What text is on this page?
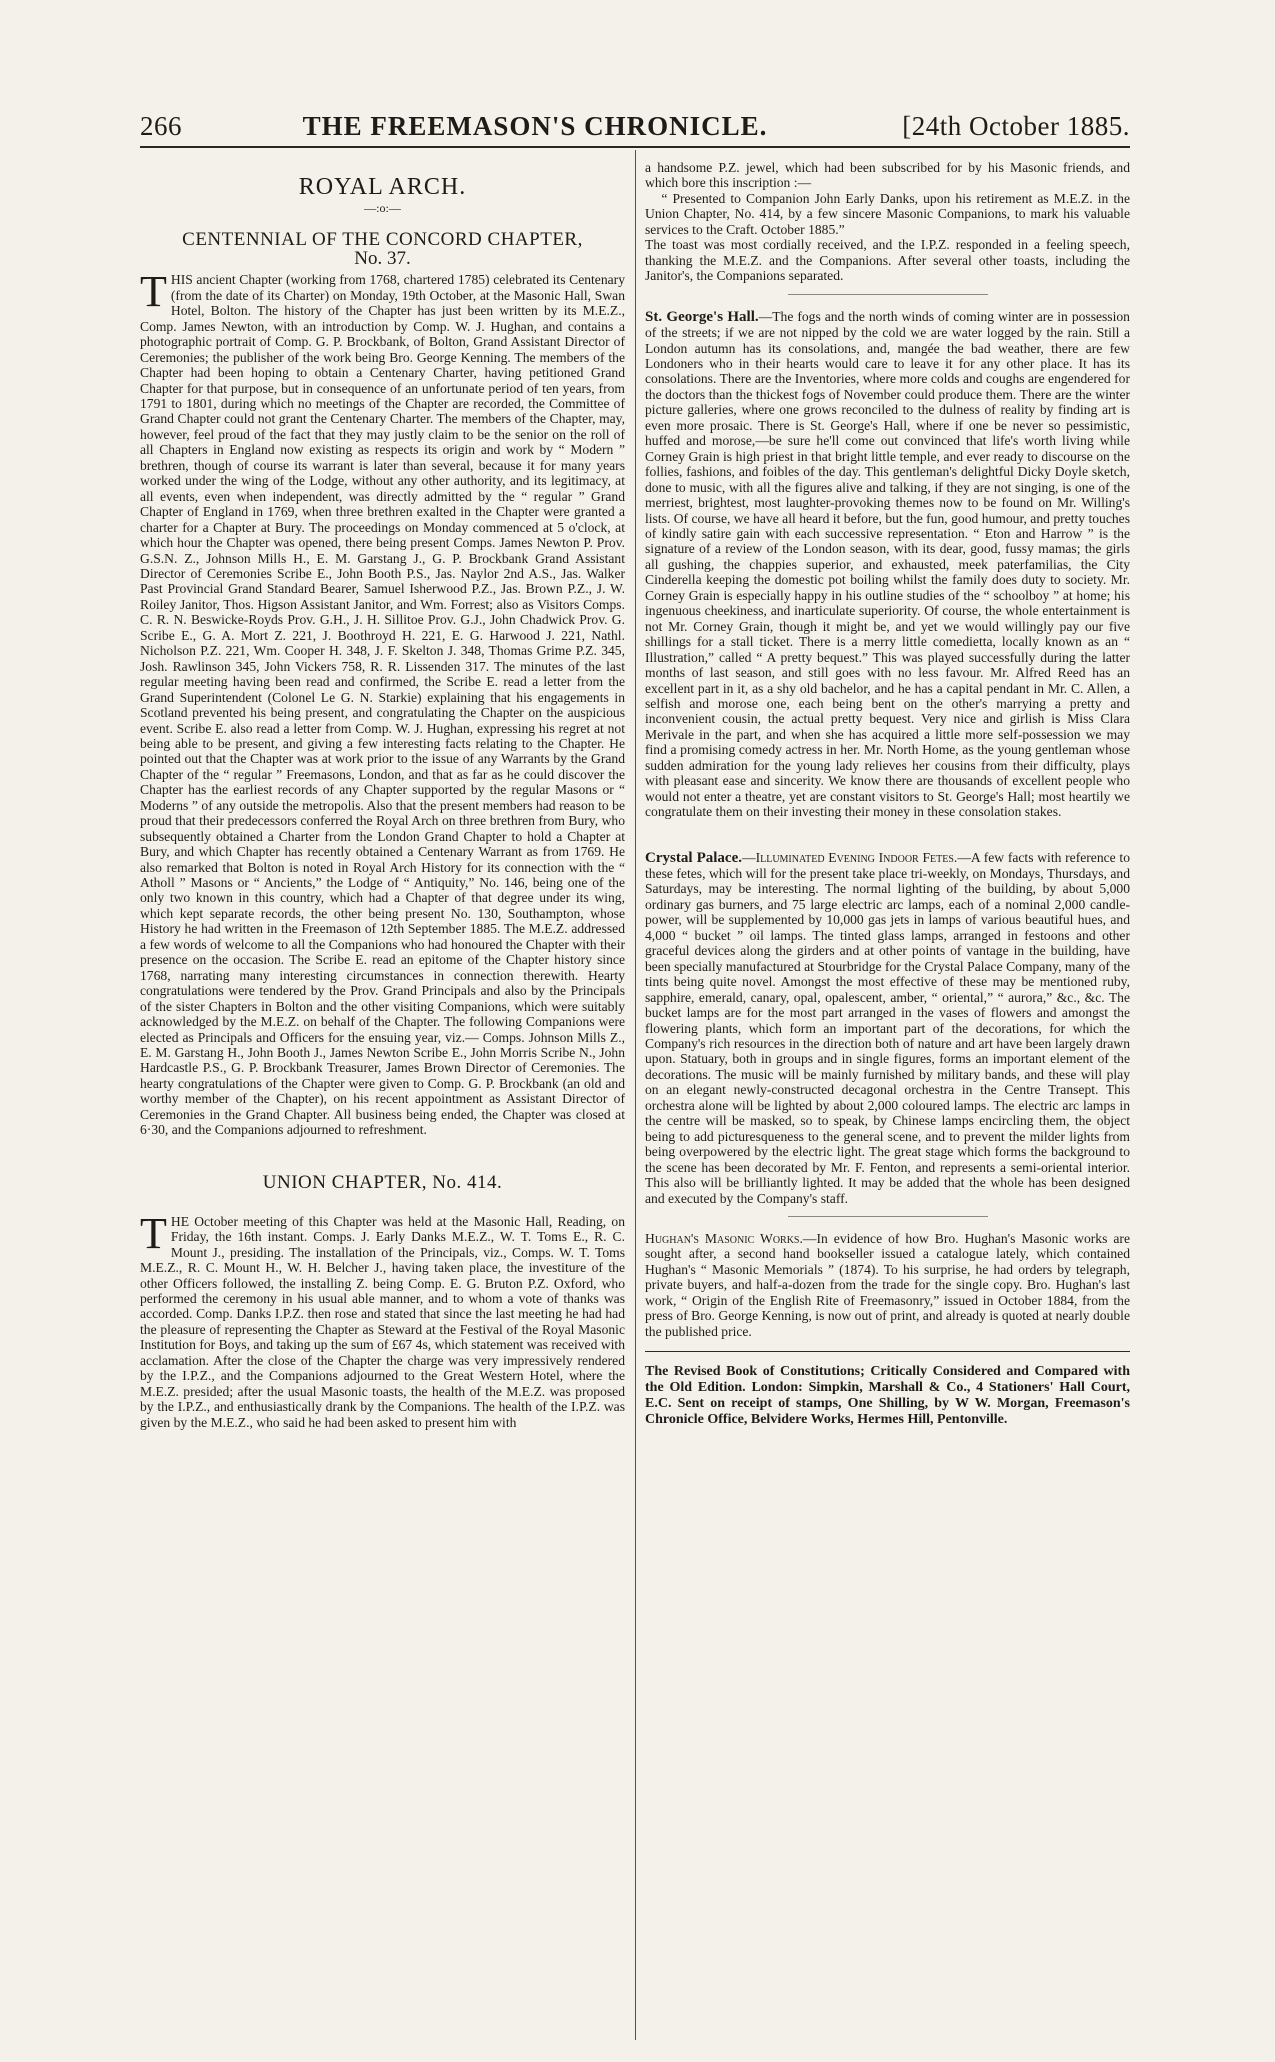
266	THE FREEMASON'S CHRONICLE.	[24th October 1885.
ROYAL ARCH.
—:o:—
CENTENNIAL OF THE CONCORD CHAPTER,
No. 37.

THIS ancient Chapter (working from 1768, chartered 1785) celebrated its Centenary (from the date of its Charter) on Monday, 19th October, at the Masonic Hall, Swan Hotel, Bolton. The history of the Chapter has just been written by its M.E.Z., Comp. James Newton, with an introduction by Comp. W. J. Hughan, and contains a photographic portrait of Comp. G. P. Brockbank, of Bolton, Grand Assistant Director of Ceremonies; the publisher of the work being Bro. George Kenning. The members of the Chapter had been hoping to obtain a Centenary Charter, having petitioned Grand Chapter for that purpose, but in consequence of an unfortunate period of ten years, from 1791 to 1801, during which no meetings of the Chapter are recorded, the Committee of Grand Chapter could not grant the Centenary Charter. The members of the Chapter, may, however, feel proud of the fact that they may justly claim to be the senior on the roll of all Chapters in England now existing as respects its origin and work by “ Modern ” brethren, though of course its warrant is later than several, because it for many years worked under the wing of the Lodge, without any other authority, and its legitimacy, at all events, even when independent, was directly admitted by the “ regular ” Grand Chapter of England in 1769, when three brethren exalted in the Chapter were granted a charter for a Chapter at Bury. The proceedings on Monday commenced at 5 o'clock, at which hour the Chapter was opened, there being present Comps. James Newton P. Prov. G.S.N. Z., Johnson Mills H., E. M. Garstang J., G. P. Brockbank Grand Assistant Director of Ceremonies Scribe E., John Booth P.S., Jas. Naylor 2nd A.S., Jas. Walker Past Provincial Grand Standard Bearer, Samuel Isherwood P.Z., Jas. Brown P.Z., J. W. Roiley Janitor, Thos. Higson Assistant Janitor, and Wm. Forrest; also as Visitors Comps. C. R. N. Beswicke-Royds Prov. G.H., J. H. Sillitoe Prov. G.J., John Chadwick Prov. G. Scribe E., G. A. Mort Z. 221, J. Boothroyd H. 221, E. G. Harwood J. 221, Nathl. Nicholson P.Z. 221, Wm. Cooper H. 348, J. F. Skelton J. 348, Thomas Grime P.Z. 345, Josh. Rawlinson 345, John Vickers 758, R. R. Lissenden 317. The minutes of the last regular meeting having been read and confirmed, the Scribe E. read a letter from the Grand Superintendent (Colonel Le G. N. Starkie) explaining that his engagements in Scotland prevented his being present, and congratulating the Chapter on the auspicious event. Scribe E. also read a letter from Comp. W. J. Hughan, expressing his regret at not being able to be present, and giving a few interesting facts relating to the Chapter. He pointed out that the Chapter was at work prior to the issue of any Warrants by the Grand Chapter of the “ regular ” Freemasons, London, and that as far as he could discover the Chapter has the earliest records of any Chapter supported by the regular Masons or “ Moderns ” of any outside the metropolis. Also that the present members had reason to be proud that their predecessors conferred the Royal Arch on three brethren from Bury, who subsequently obtained a Charter from the London Grand Chapter to hold a Chapter at Bury, and which Chapter has recently obtained a Centenary Warrant as from 1769. He also remarked that Bolton is noted in Royal Arch History for its connection with the “ Atholl ” Masons or “ Ancients,” the Lodge of “ Antiquity,” No. 146, being one of the only two known in this country, which had a Chapter of that degree under its wing, which kept separate records, the other being present No. 130, Southampton, whose History he had written in the Freemason of 12th September 1885. The M.E.Z. addressed a few words of welcome to all the Companions who had honoured the Chapter with their presence on the occasion. The Scribe E. read an epitome of the Chapter history since 1768, narrating many interesting circumstances in connection therewith. Hearty congratulations were tendered by the Prov. Grand Principals and also by the Principals of the sister Chapters in Bolton and the other visiting Companions, which were suitably acknowledged by the M.E.Z. on behalf of the Chapter. The following Companions were elected as Principals and Officers for the ensuing year, viz.— Comps. Johnson Mills Z., E. M. Garstang H., John Booth J., James Newton Scribe E., John Morris Scribe N., John Hardcastle P.S., G. P. Brockbank Treasurer, James Brown Director of Ceremonies. The hearty congratulations of the Chapter were given to Comp. G. P. Brockbank (an old and worthy member of the Chapter), on his recent appointment as Assistant Director of Ceremonies in the Grand Chapter. All business being ended, the Chapter was closed at 6·30, and the Companions adjourned to refreshment.

UNION CHAPTER, No. 414.

THE October meeting of this Chapter was held at the Masonic Hall, Reading, on Friday, the 16th instant. Comps. J. Early Danks M.E.Z., W. T. Toms E., R. C. Mount J., presiding. The installation of the Principals, viz., Comps. W. T. Toms M.E.Z., R. C. Mount H., W. H. Belcher J., having taken place, the investiture of the other Officers followed, the installing Z. being Comp. E. G. Bruton P.Z. Oxford, who performed the ceremony in his usual able manner, and to whom a vote of thanks was accorded. Comp. Danks I.P.Z. then rose and stated that since the last meeting he had had the pleasure of representing the Chapter as Steward at the Festival of the Royal Masonic Institution for Boys, and taking up the sum of £67 4s, which statement was received with acclamation. After the close of the Chapter the charge was very impressively rendered by the I.P.Z., and the Companions adjourned to the Great Western Hotel, where the M.E.Z. presided; after the usual Masonic toasts, the health of the M.E.Z. was proposed by the I.P.Z., and enthusiastically drank by the Companions. The health of the I.P.Z. was given by the M.E.Z., who said he had been asked to present him with

a handsome P.Z. jewel, which had been subscribed for by his Masonic friends, and which bore this inscription :—

“ Presented to Companion John Early Danks, upon his retirement as M.E.Z. in the Union Chapter, No. 414, by a few sincere Masonic Companions, to mark his valuable services to the Craft. October 1885.”

The toast was most cordially received, and the I.P.Z. responded in a feeling speech, thanking the M.E.Z. and the Companions. After several other toasts, including the Janitor's, the Companions separated.

St. George's Hall.—The fogs and the north winds of coming winter are in possession of the streets; if we are not nipped by the cold we are water logged by the rain. Still a London autumn has its consolations, and, mangée the bad weather, there are few Londoners who in their hearts would care to leave it for any other place. It has its consolations. There are the Inventories, where more colds and coughs are engendered for the doctors than the thickest fogs of November could produce them. There are the winter picture galleries, where one grows reconciled to the dulness of reality by finding art is even more prosaic. There is St. George's Hall, where if one be never so pessimistic, huffed and morose,—be sure he'll come out convinced that life's worth living while Corney Grain is high priest in that bright little temple, and ever ready to discourse on the follies, fashions, and foibles of the day. This gentleman's delightful Dicky Doyle sketch, done to music, with all the figures alive and talking, if they are not singing, is one of the merriest, brightest, most laughter-provoking themes now to be found on Mr. Willing's lists. Of course, we have all heard it before, but the fun, good humour, and pretty touches of kindly satire gain with each successive representation. “ Eton and Harrow ” is the signature of a review of the London season, with its dear, good, fussy mamas; the girls all gushing, the chappies superior, and exhausted, meek paterfamilias, the City Cinderella keeping the domestic pot boiling whilst the family does duty to society. Mr. Corney Grain is especially happy in his outline studies of the “ schoolboy ” at home; his ingenuous cheekiness, and inarticulate superiority. Of course, the whole entertainment is not Mr. Corney Grain, though it might be, and yet we would willingly pay our five shillings for a stall ticket. There is a merry little comedietta, locally known as an “ Illustration,” called “ A pretty bequest.” This was played successfully during the latter months of last season, and still goes with no less favour. Mr. Alfred Reed has an excellent part in it, as a shy old bachelor, and he has a capital pendant in Mr. C. Allen, a selfish and morose one, each being bent on the other's marrying a pretty and inconvenient cousin, the actual pretty bequest. Very nice and girlish is Miss Clara Merivale in the part, and when she has acquired a little more self-possession we may find a promising comedy actress in her. Mr. North Home, as the young gentleman whose sudden admiration for the young lady relieves her cousins from their difficulty, plays with pleasant ease and sincerity. We know there are thousands of excellent people who would not enter a theatre, yet are constant visitors to St. George's Hall; most heartily we congratulate them on their investing their money in these consolation stakes.

Crystal Palace.—Illuminated Evening Indoor Fetes.—A few facts with reference to these fetes, which will for the present take place tri-weekly, on Mondays, Thursdays, and Saturdays, may be interesting. The normal lighting of the building, by about 5,000 ordinary gas burners, and 75 large electric arc lamps, each of a nominal 2,000 candle-power, will be supplemented by 10,000 gas jets in lamps of various beautiful hues, and 4,000 “ bucket ” oil lamps. The tinted glass lamps, arranged in festoons and other graceful devices along the girders and at other points of vantage in the building, have been specially manufactured at Stourbridge for the Crystal Palace Company, many of the tints being quite novel. Amongst the most effective of these may be mentioned ruby, sapphire, emerald, canary, opal, opalescent, amber, “ oriental,” “ aurora,” &c., &c. The bucket lamps are for the most part arranged in the vases of flowers and amongst the flowering plants, which form an important part of the decorations, for which the Company's rich resources in the direction both of nature and art have been largely drawn upon. Statuary, both in groups and in single figures, forms an important element of the decorations. The music will be mainly furnished by military bands, and these will play on an elegant newly-constructed decagonal orchestra in the Centre Transept. This orchestra alone will be lighted by about 2,000 coloured lamps. The electric arc lamps in the centre will be masked, so to speak, by Chinese lamps encircling them, the object being to add picturesqueness to the general scene, and to prevent the milder lights from being overpowered by the electric light. The great stage which forms the background to the scene has been decorated by Mr. F. Fenton, and represents a semi-oriental interior. This also will be brilliantly lighted. It may be added that the whole has been designed and executed by the Company's staff.

Hughan's Masonic Works.—In evidence of how Bro. Hughan's Masonic works are sought after, a second hand bookseller issued a catalogue lately, which contained Hughan's “ Masonic Memorials ” (1874). To his surprise, he had orders by telegraph, private buyers, and half-a-dozen from the trade for the single copy. Bro. Hughan's last work, “ Origin of the English Rite of Freemasonry,” issued in October 1884, from the press of Bro. George Kenning, is now out of print, and already is quoted at nearly double the published price.

The Revised Book of Constitutions; Critically Considered and Compared with the Old Edition. London: Simpkin, Marshall & Co., 4 Stationers' Hall Court, E.C. Sent on receipt of stamps, One Shilling, by W W. Morgan, Freemason's Chronicle Office, Belvidere Works, Hermes Hill, Pentonville.
